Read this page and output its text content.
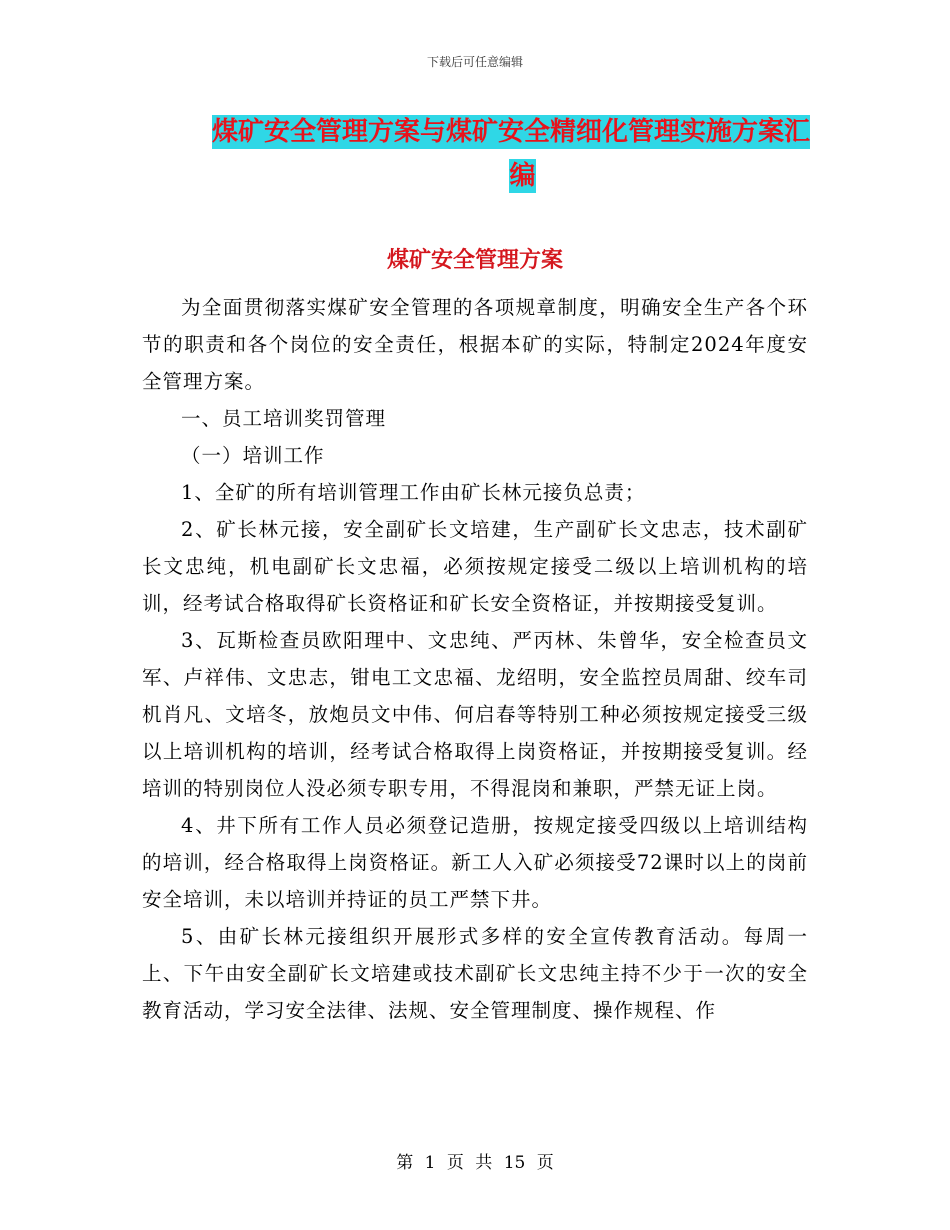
下载后可任意编辑
煤矿安全管理方案与煤矿安全精细化管理实施方案汇
编
煤矿安全管理方案

为全面贯彻落实煤矿安全管理的各项规章制度，明确安全生产各个环节的职责和各个岗位的安全责任，根据本矿的实际，特制定2024年度安全管理方案。

一、员工培训奖罚管理

（一）培训工作

1、全矿的所有培训管理工作由矿长林元接负总责；

2、矿长林元接，安全副矿长文培建，生产副矿长文忠志，技术副矿长文忠纯，机电副矿长文忠福，必须按规定接受二级以上培训机构的培训，经考试合格取得矿长资格证和矿长安全资格证，并按期接受复训。

3、瓦斯检查员欧阳理中、文忠纯、严丙林、朱曾华，安全检查员文军、卢祥伟、文忠志，钳电工文忠福、龙绍明，安全监控员周甜、绞车司机肖凡、文培冬，放炮员文中伟、何启春等特别工种必须按规定接受三级以上培训机构的培训，经考试合格取得上岗资格证，并按期接受复训。经培训的特别岗位人没必须专职专用，不得混岗和兼职，严禁无证上岗。

4、井下所有工作人员必须登记造册，按规定接受四级以上培训结构的培训，经合格取得上岗资格证。新工人入矿必须接受72课时以上的岗前安全培训，未以培训并持证的员工严禁下井。

5、由矿长林元接组织开展形式多样的安全宣传教育活动。每周一上、下午由安全副矿长文培建或技术副矿长文忠纯主持不少于一次的安全教育活动，学习安全法律、法规、安全管理制度、操作规程、作

第 1 页 共 15 页
